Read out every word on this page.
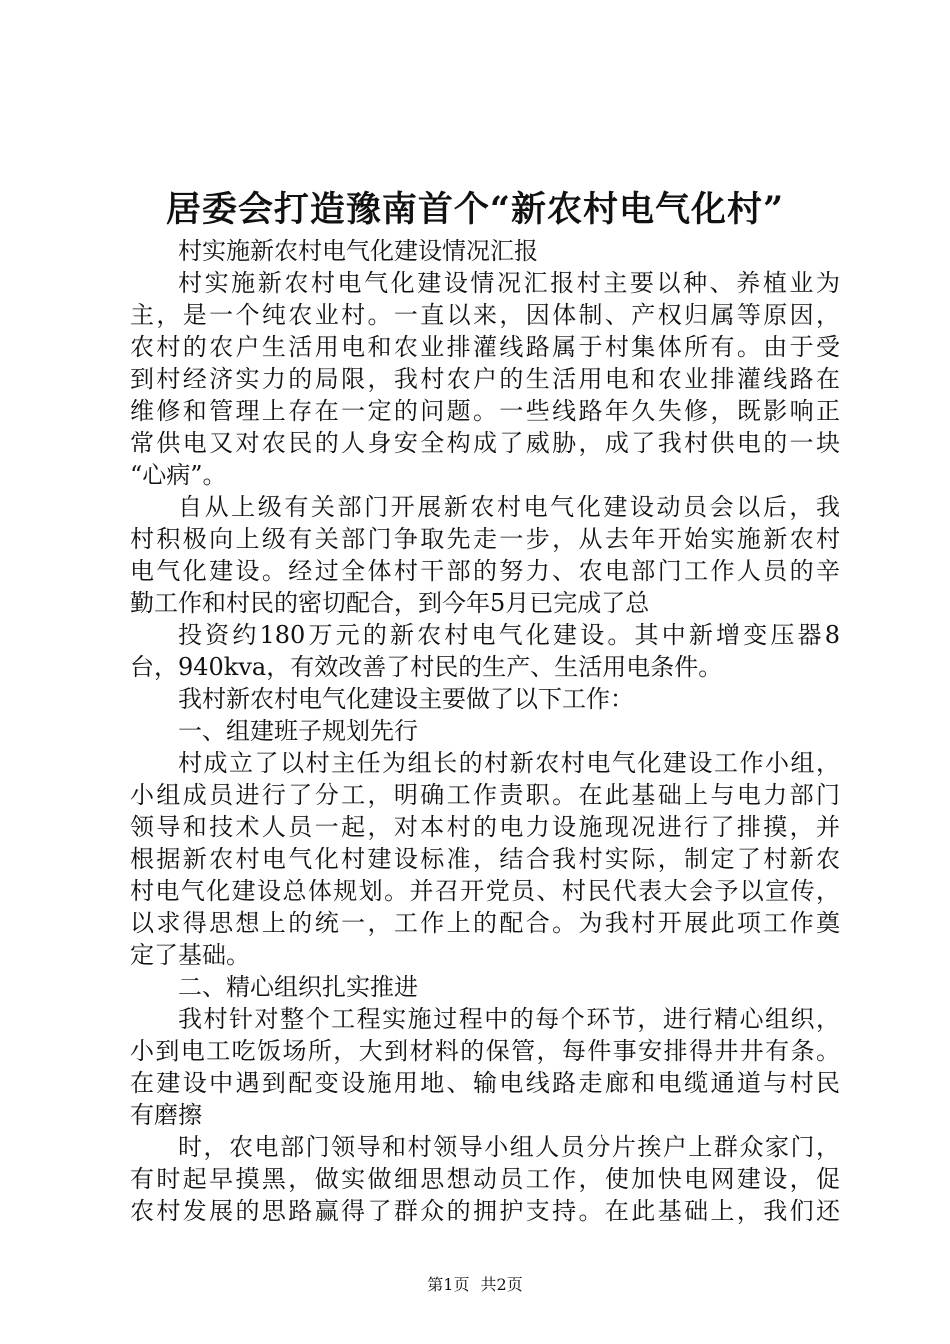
居委会打造豫南首个“新农村电气化村”
村实施新农村电气化建设情况汇报
村实施新农村电气化建设情况汇报村主要以种、养植业为
主，是一个纯农业村。一直以来，因体制、产权归属等原因，
农村的农户生活用电和农业排灌线路属于村集体所有。由于受
到村经济实力的局限，我村农户的生活用电和农业排灌线路在
维修和管理上存在一定的问题。一些线路年久失修，既影响正
常供电又对农民的人身安全构成了威胁，成了我村供电的一块
“心病”。
自从上级有关部门开展新农村电气化建设动员会以后，我
村积极向上级有关部门争取先走一步，从去年开始实施新农村
电气化建设。经过全体村干部的努力、农电部门工作人员的辛
勤工作和村民的密切配合，到今年5月已完成了总
投资约180万元的新农村电气化建设。其中新增变压器8
台，940kva，有效改善了村民的生产、生活用电条件。
我村新农村电气化建设主要做了以下工作：
一、组建班子规划先行
村成立了以村主任为组长的村新农村电气化建设工作小组，
小组成员进行了分工，明确工作责职。在此基础上与电力部门
领导和技术人员一起，对本村的电力设施现况进行了排摸，并
根据新农村电气化村建设标准，结合我村实际，制定了村新农
村电气化建设总体规划。并召开党员、村民代表大会予以宣传，
以求得思想上的统一，工作上的配合。为我村开展此项工作奠
定了基础。
二、精心组织扎实推进
我村针对整个工程实施过程中的每个环节，进行精心组织，
小到电工吃饭场所，大到材料的保管，每件事安排得井井有条。
在建设中遇到配变设施用地、输电线路走廊和电缆通道与村民
有磨擦
时，农电部门领导和村领导小组人员分片挨户上群众家门，
有时起早摸黑，做实做细思想动员工作，使加快电网建设，促
农村发展的思路赢得了群众的拥护支持。在此基础上，我们还
第1页 共2页
